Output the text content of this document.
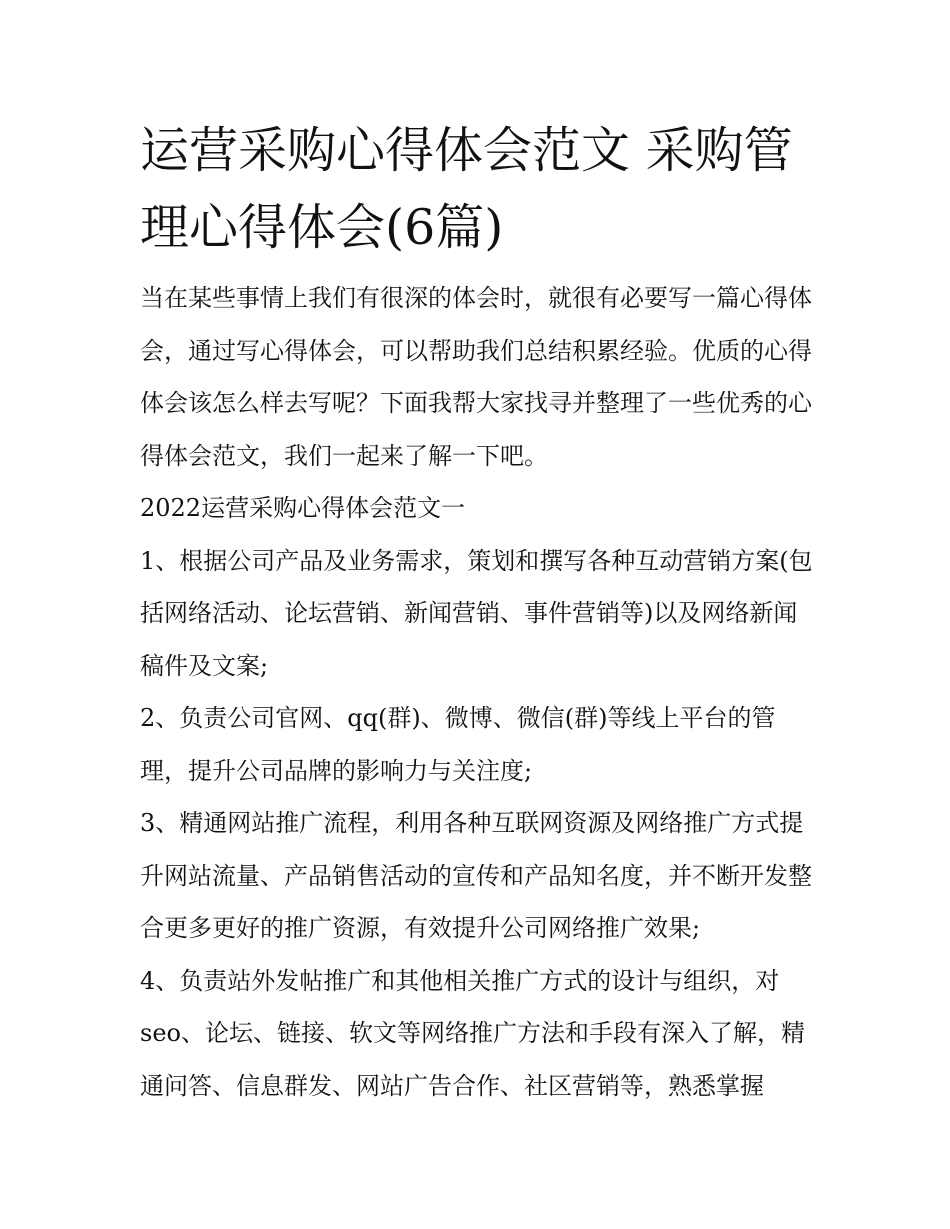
运营采购心得体会范文 采购管理心得体会(6篇)

当在某些事情上我们有很深的体会时，就很有必要写一篇心得体会，通过写心得体会，可以帮助我们总结积累经验。优质的心得体会该怎么样去写呢？下面我帮大家找寻并整理了一些优秀的心得体会范文，我们一起来了解一下吧。

2022运营采购心得体会范文一

1、根据公司产品及业务需求，策划和撰写各种互动营销方案(包括网络活动、论坛营销、新闻营销、事件营销等)以及网络新闻稿件及文案;

2、负责公司官网、qq(群)、微博、微信(群)等线上平台的管理，提升公司品牌的影响力与关注度;

3、精通网站推广流程，利用各种互联网资源及网络推广方式提升网站流量、产品销售活动的宣传和产品知名度，并不断开发整合更多更好的推广资源，有效提升公司网络推广效果;

4、负责站外发帖推广和其他相关推广方式的设计与组织，对seo、论坛、链接、软文等网络推广方法和手段有深入了解，精通问答、信息群发、网站广告合作、社区营销等，熟悉掌握
